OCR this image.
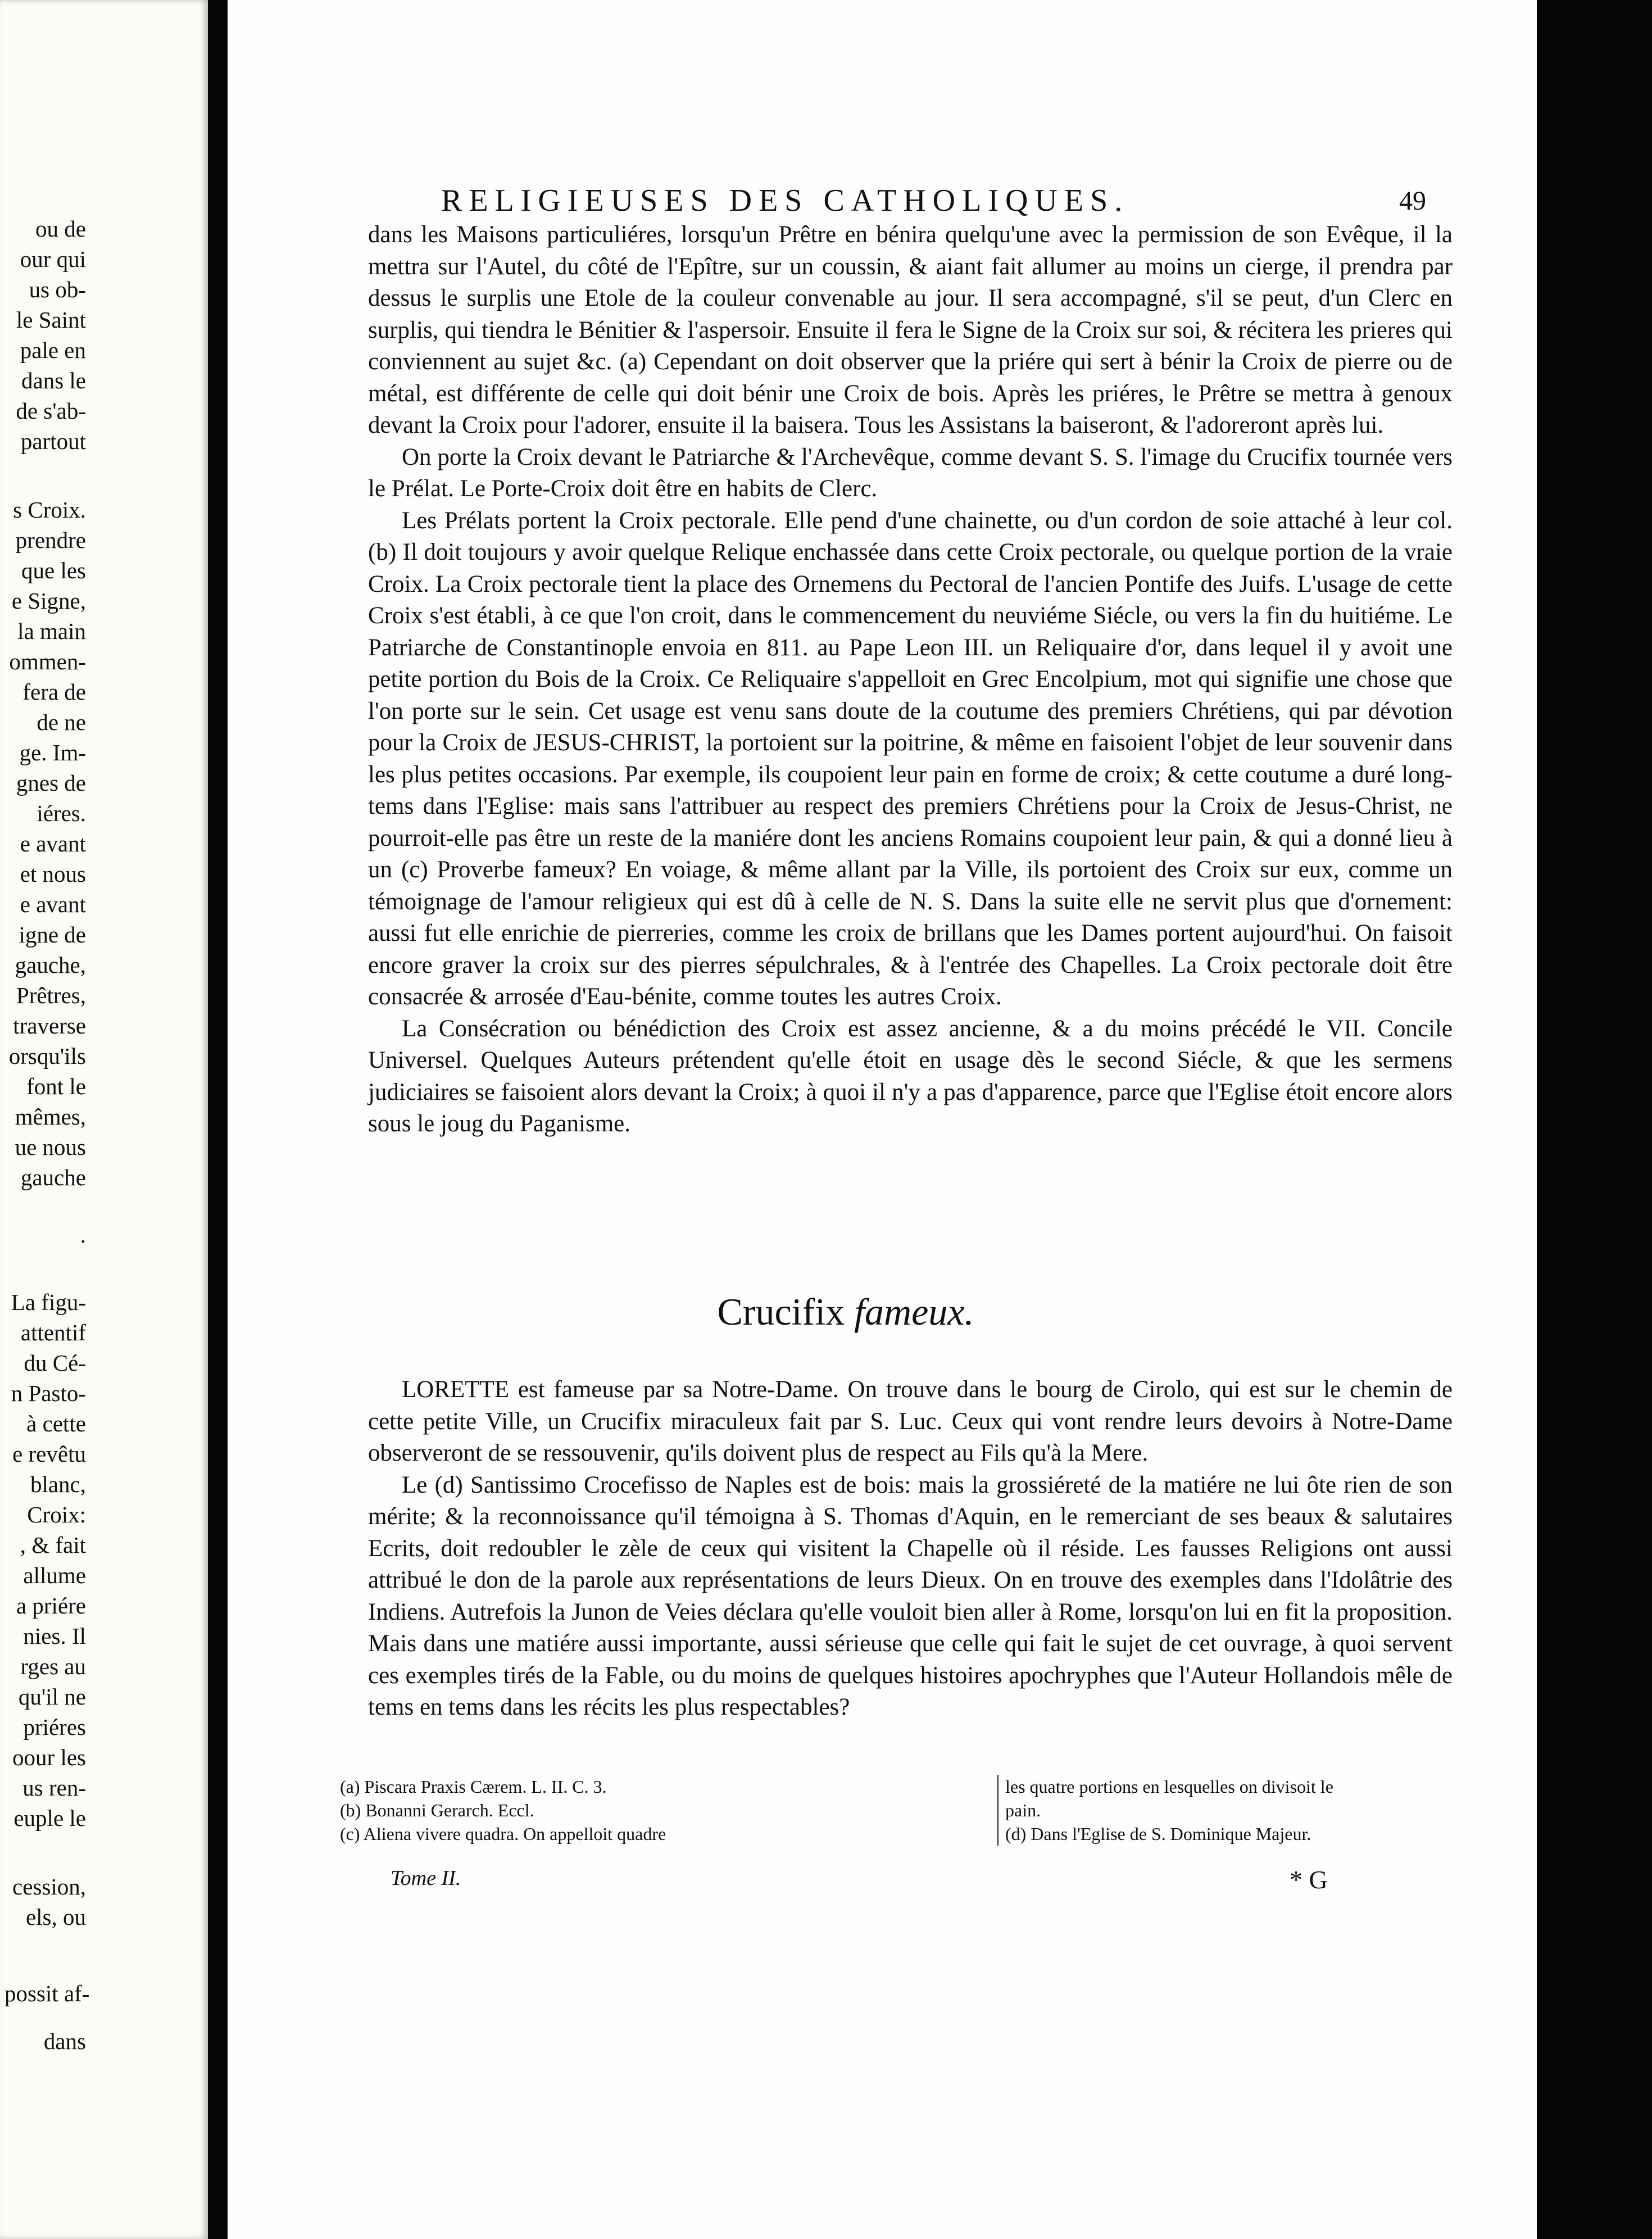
ou de
our qui
us ob-
le Saint
pale en
dans le
de s'ab-
partout
s Croix.
prendre
que les
e Signe,
la main
ommen-
fera de
de ne
ge. Im-
gnes de
iéres.
e avant
et nous
e avant
igne de
gauche,
Prêtres,
traverse
orsqu'ils
font le
mêmes,
ue nous
gauche
.
La figu-
attentif
du Cé-
n Pasto-
à cette
e revêtu
blanc,
Croix:
, & fait
allume
a priére
nies. Il
rges au
qu'il ne
priéres
oour les
us ren-
euple le
cession,
els, ou
possit af-
dans
RELIGIEUSES DES CATHOLIQUES.	49

dans les Maisons particuliéres, lorsqu'un Prêtre en bénira quelqu'une avec la permission de son Evêque, il la mettra sur l'Autel, du côté de l'Epître, sur un coussin, & aiant fait allumer au moins un cierge, il prendra par dessus le surplis une Etole de la couleur convenable au jour. Il sera accompagné, s'il se peut, d'un Clerc en surplis, qui tiendra le Bénitier & l'aspersoir. Ensuite il fera le Signe de la Croix sur soi, & récitera les prieres qui conviennent au sujet &c. (a) Cependant on doit observer que la priére qui sert à bénir la Croix de pierre ou de métal, est différente de celle qui doit bénir une Croix de bois. Après les priéres, le Prêtre se mettra à genoux devant la Croix pour l'adorer, ensuite il la baisera. Tous les Assistans la baiseront, & l'adoreront après lui.

On porte la Croix devant le Patriarche & l'Archevêque, comme devant S. S. l'image du Crucifix tournée vers le Prélat. Le Porte-Croix doit être en habits de Clerc.

Les Prélats portent la Croix pectorale. Elle pend d'une chainette, ou d'un cordon de soie attaché à leur col. (b) Il doit toujours y avoir quelque Relique enchassée dans cette Croix pectorale, ou quelque portion de la vraie Croix. La Croix pectorale tient la place des Ornemens du Pectoral de l'ancien Pontife des Juifs. L'usage de cette Croix s'est établi, à ce que l'on croit, dans le commencement du neuviéme Siécle, ou vers la fin du huitiéme. Le Patriarche de Constantinople envoia en 811. au Pape Leon III. un Reliquaire d'or, dans lequel il y avoit une petite portion du Bois de la Croix. Ce Reliquaire s'appelloit en Grec Encolpium, mot qui signifie une chose que l'on porte sur le sein. Cet usage est venu sans doute de la coutume des premiers Chrétiens, qui par dévotion pour la Croix de JESUS-CHRIST, la portoient sur la poitrine, & même en faisoient l'objet de leur souvenir dans les plus petites occasions. Par exemple, ils coupoient leur pain en forme de croix; & cette coutume a duré long-tems dans l'Eglise: mais sans l'attribuer au respect des premiers Chrétiens pour la Croix de Jesus-Christ, ne pourroit-elle pas être un reste de la maniére dont les anciens Romains coupoient leur pain, & qui a donné lieu à un (c) Proverbe fameux? En voiage, & même allant par la Ville, ils portoient des Croix sur eux, comme un témoignage de l'amour religieux qui est dû à celle de N. S. Dans la suite elle ne servit plus que d'ornement: aussi fut elle enrichie de pierreries, comme les croix de brillans que les Dames portent aujourd'hui. On faisoit encore graver la croix sur des pierres sépulchrales, & à l'entrée des Chapelles. La Croix pectorale doit être consacrée & arrosée d'Eau-bénite, comme toutes les autres Croix.

La Consécration ou bénédiction des Croix est assez ancienne, & a du moins précédé le VII. Concile Universel. Quelques Auteurs prétendent qu'elle étoit en usage dès le second Siécle, & que les sermens judiciaires se faisoient alors devant la Croix; à quoi il n'y a pas d'apparence, parce que l'Eglise étoit encore alors sous le joug du Paganisme.

Crucifix fameux.

LORETTE est fameuse par sa Notre-Dame. On trouve dans le bourg de Cirolo, qui est sur le chemin de cette petite Ville, un Crucifix miraculeux fait par S. Luc. Ceux qui vont rendre leurs devoirs à Notre-Dame observeront de se ressouvenir, qu'ils doivent plus de respect au Fils qu'à la Mere.

Le (d) Santissimo Crocefisso de Naples est de bois: mais la grossiéreté de la matiére ne lui ôte rien de son mérite; & la reconnoissance qu'il témoigna à S. Thomas d'Aquin, en le remerciant de ses beaux & salutaires Ecrits, doit redoubler le zèle de ceux qui visitent la Chapelle où il réside. Les fausses Religions ont aussi attribué le don de la parole aux représentations de leurs Dieux. On en trouve des exemples dans l'Idolâtrie des Indiens. Autrefois la Junon de Veies déclara qu'elle vouloit bien aller à Rome, lorsqu'on lui en fit la proposition. Mais dans une matiére aussi importante, aussi sérieuse que celle qui fait le sujet de cet ouvrage, à quoi servent ces exemples tirés de la Fable, ou du moins de quelques histoires apochryphes que l'Auteur Hollandois mêle de tems en tems dans les récits les plus respectables?

(a) Piscara Praxis Cærem. L. II. C. 3.
(b) Bonanni Gerarch. Eccl.
(c) Aliena vivere quadra. On appelloit quadre
les quatre portions en lesquelles on divisoit le
pain.
(d) Dans l'Eglise de S. Dominique Majeur.
Tome II.	* G
